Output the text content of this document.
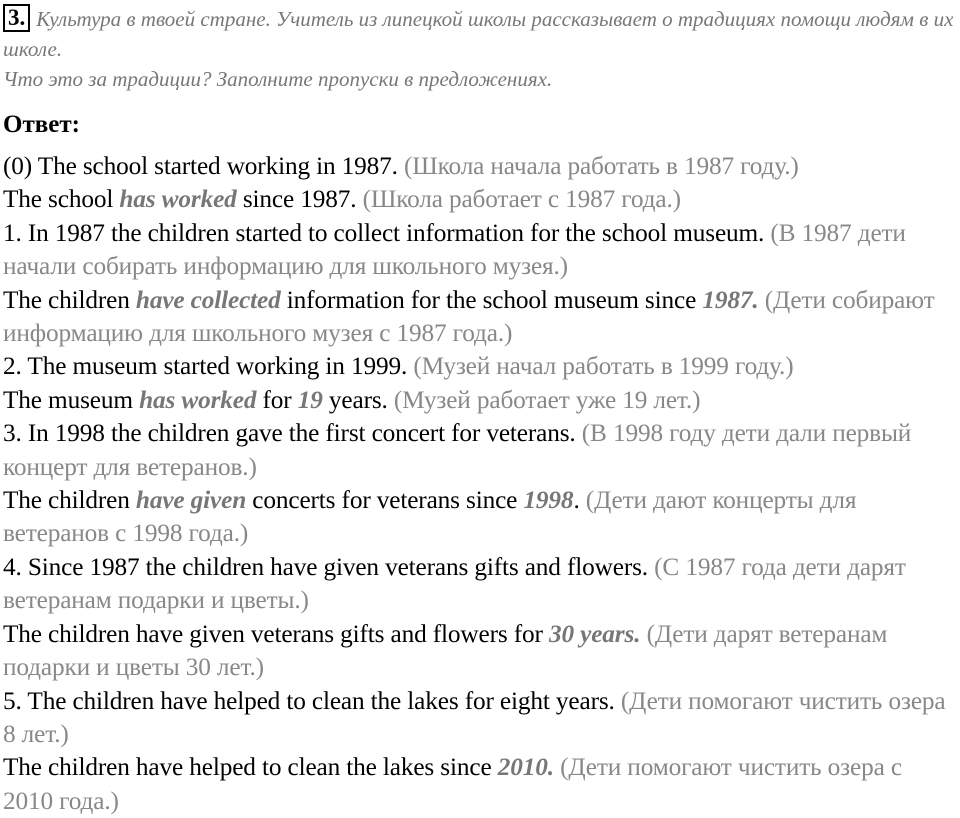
3. Культура в твоей стране. Учитель из липецкой школы рассказывает о традициях помощи людям в их школе.
Что это за традиции? Заполните пропуски в предложениях.
Ответ:

(0) The school started working in 1987. (Школа начала работать в 1987 году.)

The school has worked since 1987. (Школа работает с 1987 года.)

1. In 1987 the children started to collect information for the school museum. (В 1987 дети начали собирать информацию для школьного музея.)

The children have collected information for the school museum since 1987. (Дети собирают информацию для школьного музея с 1987 года.)

2. The museum started working in 1999. (Музей начал работать в 1999 году.)

The museum has worked for 19 years. (Музей работает уже 19 лет.)

3. In 1998 the children gave the first concert for veterans. (В 1998 году дети дали первый концерт для ветеранов.)

The children have given concerts for veterans since 1998. (Дети дают концерты для ветеранов с 1998 года.)

4. Since 1987 the children have given veterans gifts and flowers. (С 1987 года дети дарят ветеранам подарки и цветы.)

The children have given veterans gifts and flowers for 30 years. (Дети дарят ветеранам подарки и цветы 30 лет.)

5. The children have helped to clean the lakes for eight years. (Дети помогают чистить озера 8 лет.)

The children have helped to clean the lakes since 2010. (Дети помогают чистить озера с 2010 года.)
